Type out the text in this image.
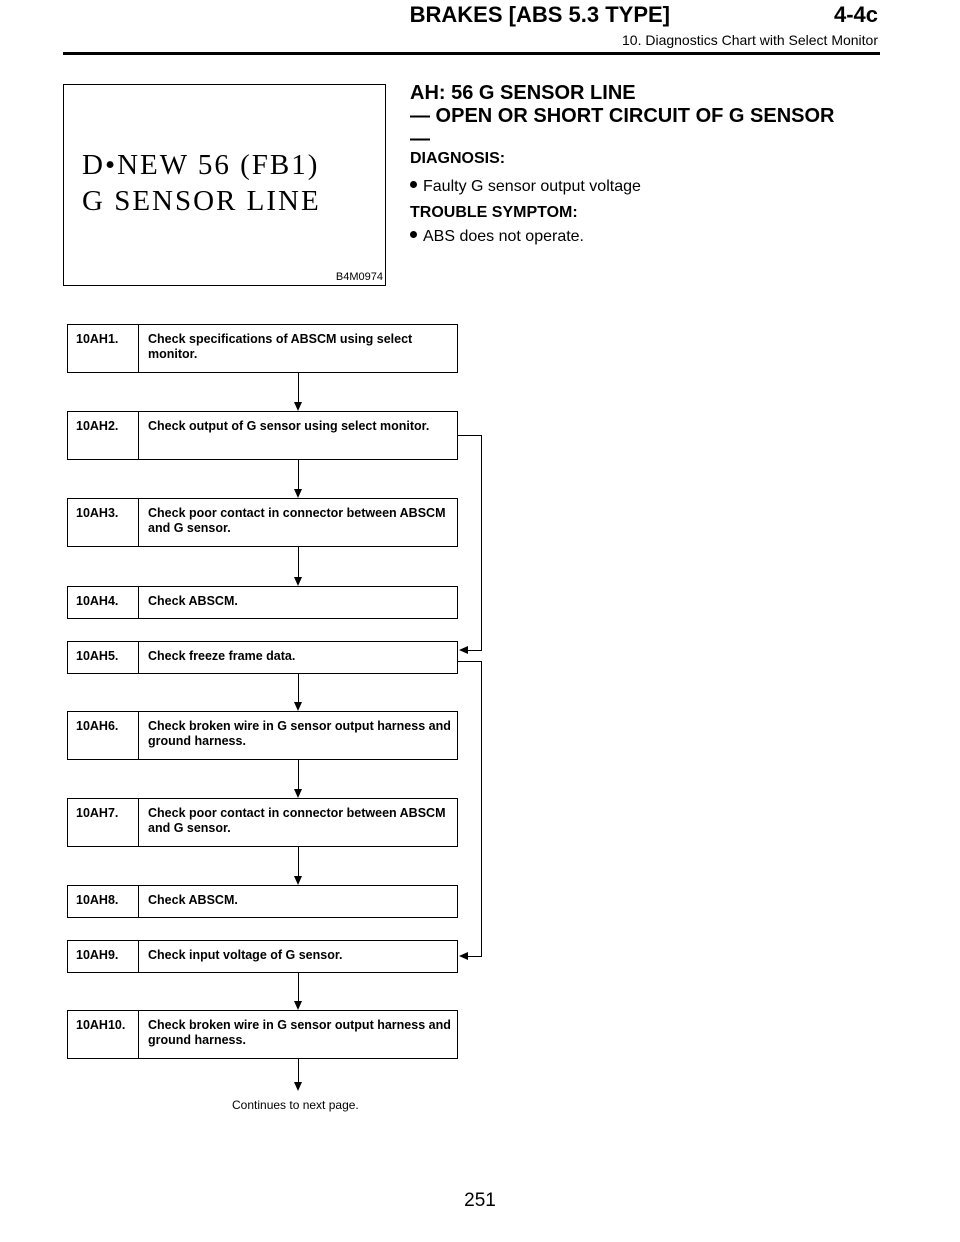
BRAKES [ABS 5.3 TYPE]	4-4c
10. Diagnostics Chart with Select Monitor
D•NEW 56 (FB1)
G SENSOR LINE
B4M0974
AH: 56 G SENSOR LINE
— OPEN OR SHORT CIRCUIT OF G SENSOR
—
DIAGNOSIS:
Faulty G sensor output voltage
TROUBLE SYMPTOM:
ABS does not operate.
10AH1. Check specifications of ABSCM using select monitor.
10AH2. Check output of G sensor using select monitor.
10AH3. Check poor contact in connector between ABSCM and G sensor.
10AH4. Check ABSCM.
10AH5. Check freeze frame data.
10AH6. Check broken wire in G sensor output harness and ground harness.
10AH7. Check poor contact in connector between ABSCM and G sensor.
10AH8. Check ABSCM.
10AH9. Check input voltage of G sensor.
10AH10. Check broken wire in G sensor output harness and ground harness.
Continues to next page.
251
